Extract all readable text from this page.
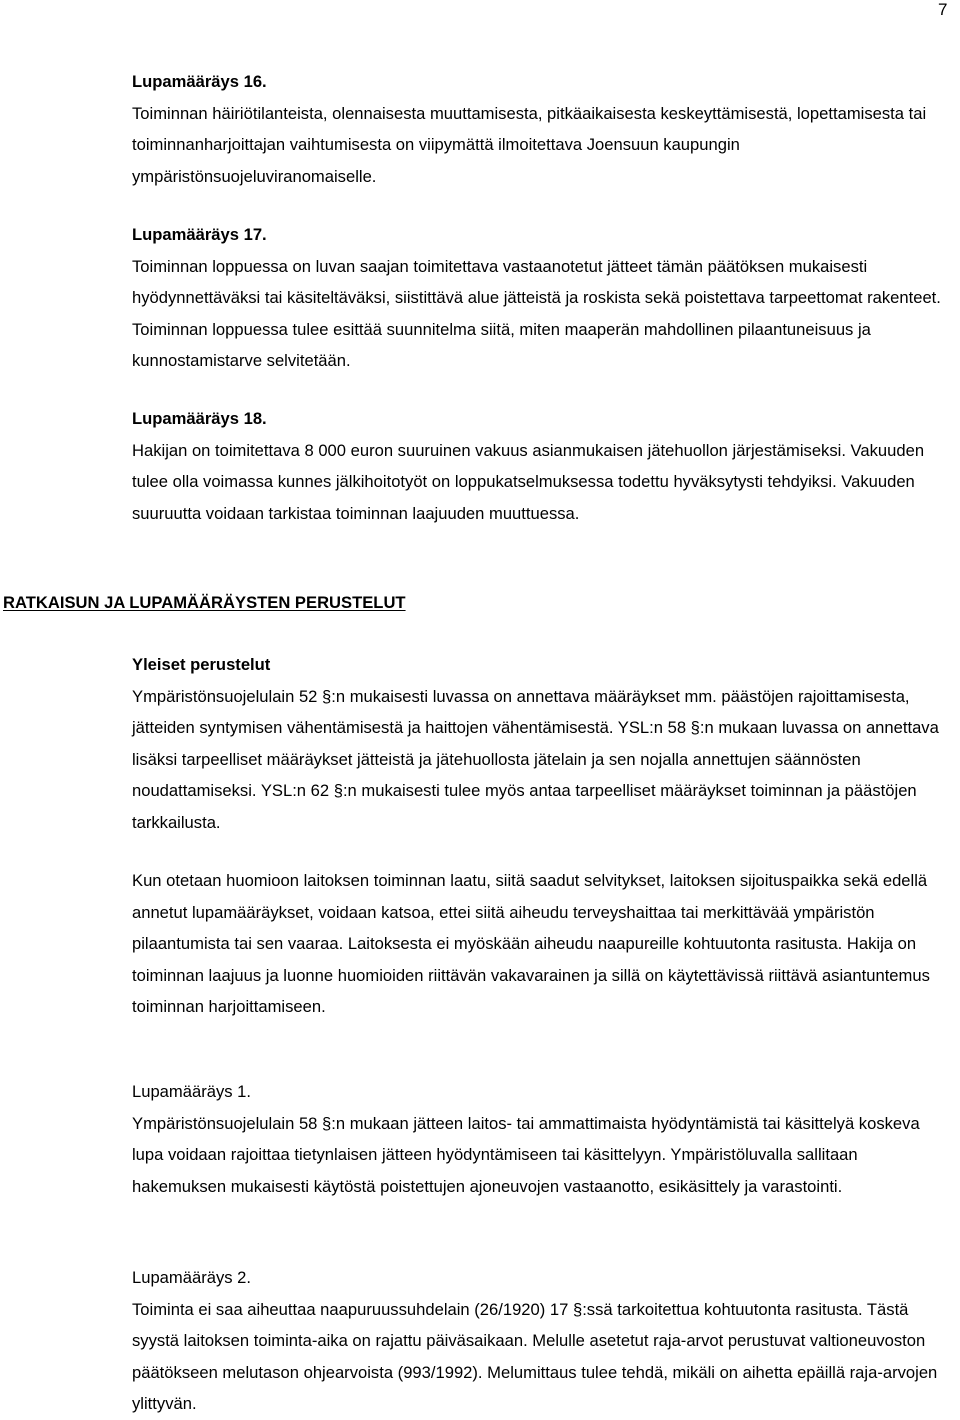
7
Lupamääräys 16.

Toiminnan häiriötilanteista, olennaisesta muuttamisesta, pitkäaikaisesta keskeyttämisestä, lopettamisesta tai toiminnanharjoittajan vaihtumisesta on viipymättä ilmoitettava Joensuun kaupungin ympäristönsuojeluviranomaiselle.

Lupamääräys 17.

Toiminnan loppuessa on luvan saajan toimitettava vastaanotetut jätteet tämän päätöksen mukaisesti hyödynnettäväksi tai käsiteltäväksi, siistittävä alue jätteistä ja roskista sekä poistettava tarpeettomat rakenteet. Toiminnan loppuessa tulee esittää suunnitelma siitä, miten maaperän mahdollinen pilaantuneisuus ja kunnostamistarve selvitetään.

Lupamääräys 18.

Hakijan on toimitettava 8 000 euron suuruinen vakuus asianmukaisen jätehuollon järjestämiseksi. Vakuuden tulee olla voimassa kunnes jälkihoitotyöt on loppukatselmuksessa todettu hyväksytysti tehdyiksi. Vakuuden suuruutta voidaan tarkistaa toiminnan laajuuden muuttuessa.

RATKAISUN JA LUPAMÄÄRÄYSTEN PERUSTELUT
Yleiset perustelut

Ympäristönsuojelulain 52 §:n mukaisesti luvassa on annettava määräykset mm. päästöjen rajoittamisesta, jätteiden syntymisen vähentämisestä ja haittojen vähentämisestä. YSL:n 58 §:n mukaan luvassa on annettava lisäksi tarpeelliset määräykset jätteistä ja jätehuollosta jätelain ja sen nojalla annettujen säännösten noudattamiseksi. YSL:n 62 §:n mukaisesti tulee myös antaa tarpeelliset määräykset toiminnan ja päästöjen tarkkailusta.

Kun otetaan huomioon laitoksen toiminnan laatu, siitä saadut selvitykset, laitoksen sijoituspaikka sekä edellä annetut lupamääräykset, voidaan katsoa, ettei siitä aiheudu terveyshaittaa tai merkittävää ympäristön pilaantumista tai sen vaaraa. Laitoksesta ei myöskään aiheudu naapureille kohtuutonta rasitusta. Hakija on toiminnan laajuus ja luonne huomioiden riittävän vakavarainen ja sillä on käytettävissä riittävä asiantuntemus toiminnan harjoittamiseen.

Lupamääräys 1.

Ympäristönsuojelulain 58 §:n mukaan jätteen laitos- tai ammattimaista hyödyntämistä tai käsittelyä koskeva lupa voidaan rajoittaa tietynlaisen jätteen hyödyntämiseen tai käsittelyyn. Ympäristöluvalla sallitaan hakemuksen mukaisesti käytöstä poistettujen ajoneuvojen vastaanotto, esikäsittely ja varastointi.

Lupamääräys 2.

Toiminta ei saa aiheuttaa naapuruussuhdelain (26/1920) 17 §:ssä tarkoitettua kohtuutonta rasitusta. Tästä syystä laitoksen toiminta-aika on rajattu päiväsaikaan. Melulle asetetut raja-arvot perustuvat valtioneuvoston päätökseen melutason ohjearvoista (993/1992). Melumittaus tulee tehdä, mikäli on aihetta epäillä raja-arvojen ylittyvän.
